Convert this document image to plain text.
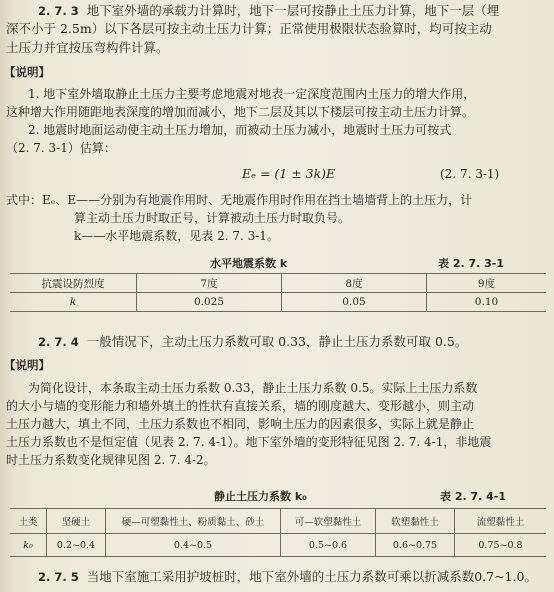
2. 7. 3 地下室外墙的承载力计算时，地下一层可按静止土压力计算，地下一层（埋
深不小于 2.5m）以下各层可按主动土压力计算；正常使用极限状态验算时，均可按主动
土压力并宜按压弯构件计算。
【说明】
1. 地下室外墙取静止土压力主要考虑地震对地表一定深度范围内土压力的增大作用，
这种增大作用随距地表深度的增加而减小，地下二层及其以下楼层可按主动土压力计算。
2. 地震时地面运动使主动土压力增加，而被动土压力减小，地震时土压力可按式
（2. 7. 3-1）估算：
Eₑ = (1 ± 3k)E	(2. 7. 3-1)
式中：Eₑ、E——分别为有地震作用时、无地震作用时作用在挡土墙墙背上的土压力，计
算主动土压力时取正号，计算被动土压力时取负号。
k——水平地震系数，见表 2. 7. 3-1。
水平地震系数 k	表 2. 7. 3-1
抗震设防烈度	7度	8度	9度
k	0.025	0.05	0.10
2. 7. 4 一般情况下，主动土压力系数可取 0.33，静止土压力系数可取 0.5。
【说明】
为简化设计，本条取主动土压力系数 0.33，静止土压力系数 0.5。实际上土压力系数
的大小与墙的变形能力和墙外填土的性状有直接关系，墙的刚度越大、变形越小，则主动
土压力越大，填土不同，土压力系数也不相同，影响土压力的因素很多，实际上就是静止
土压力系数也不是恒定值（见表 2. 7. 4-1）。地下室外墙的变形特征见图 2. 7. 4-1，非地震
时土压力系数变化规律见图 2. 7. 4-2。
静止土压力系数 k₀	表 2. 7. 4-1
土类	坚硬土	硬—可塑黏性土、粉质黏土、砂土	可—软塑黏性土	软塑黏性土	流塑黏性土
k₀	0.2~0.4	0.4~0.5	0.5~0.6	0.6~0.75	0.75~0.8
2. 7. 5 当地下室施工采用护坡桩时，地下室外墙的土压力系数可乘以折减系数0.7~1.0。
